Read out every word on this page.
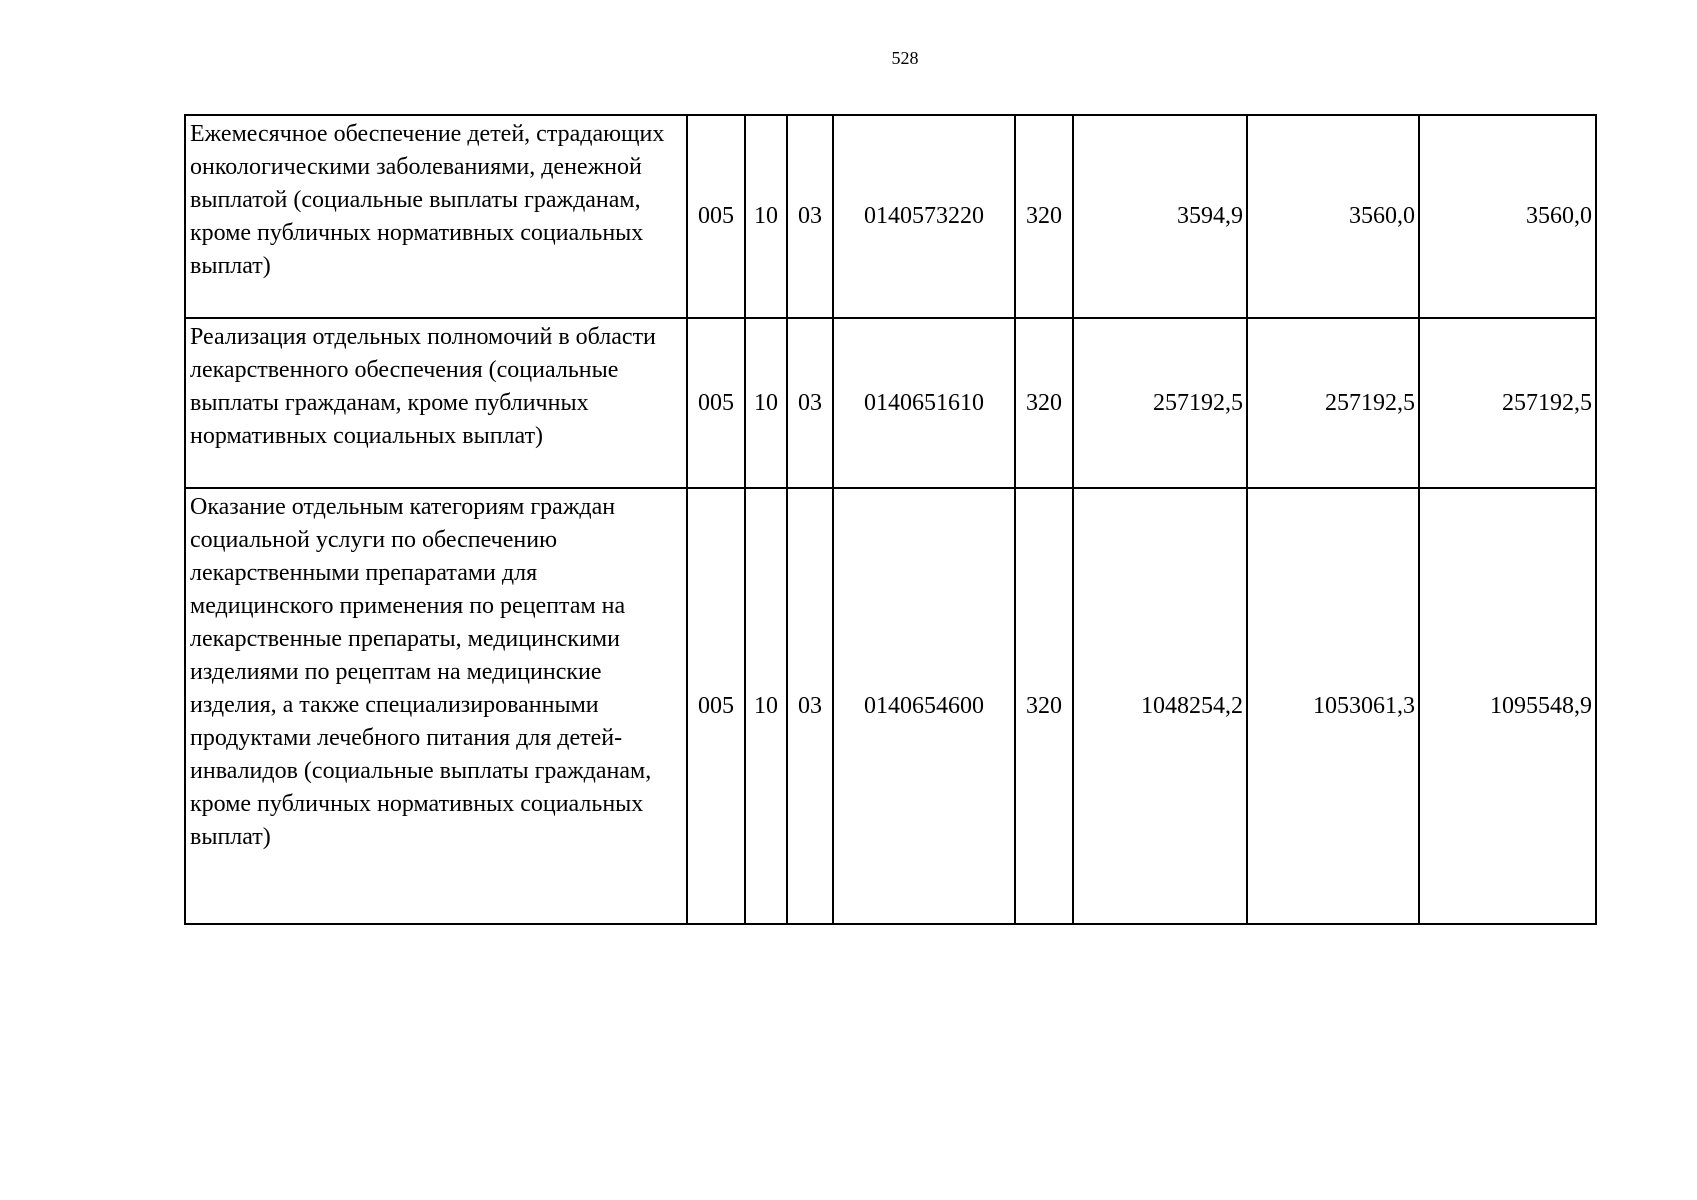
528
Ежемесячное обеспечение детей, страдающих онкологическими заболеваниями, денежной выплатой (социальные выплаты гражданам, кроме публичных нормативных социальных выплат)	005	10	03	0140573220	320	3594,9	3560,0	3560,0
Реализация отдельных полномочий в области лекарственного обеспечения (социальные выплаты гражданам, кроме публичных нормативных социальных выплат)	005	10	03	0140651610	320	257192,5	257192,5	257192,5
Оказание отдельным категориям граждан социальной услуги по обеспечению лекарственными препаратами для медицинского применения по рецептам на лекарственные препараты, медицинскими изделиями по рецептам на медицинские изделия, а также специализированными продуктами лечебного питания для детей-инвалидов (социальные выплаты гражданам, кроме публичных нормативных социальных выплат)	005	10	03	0140654600	320	1048254,2	1053061,3	1095548,9
